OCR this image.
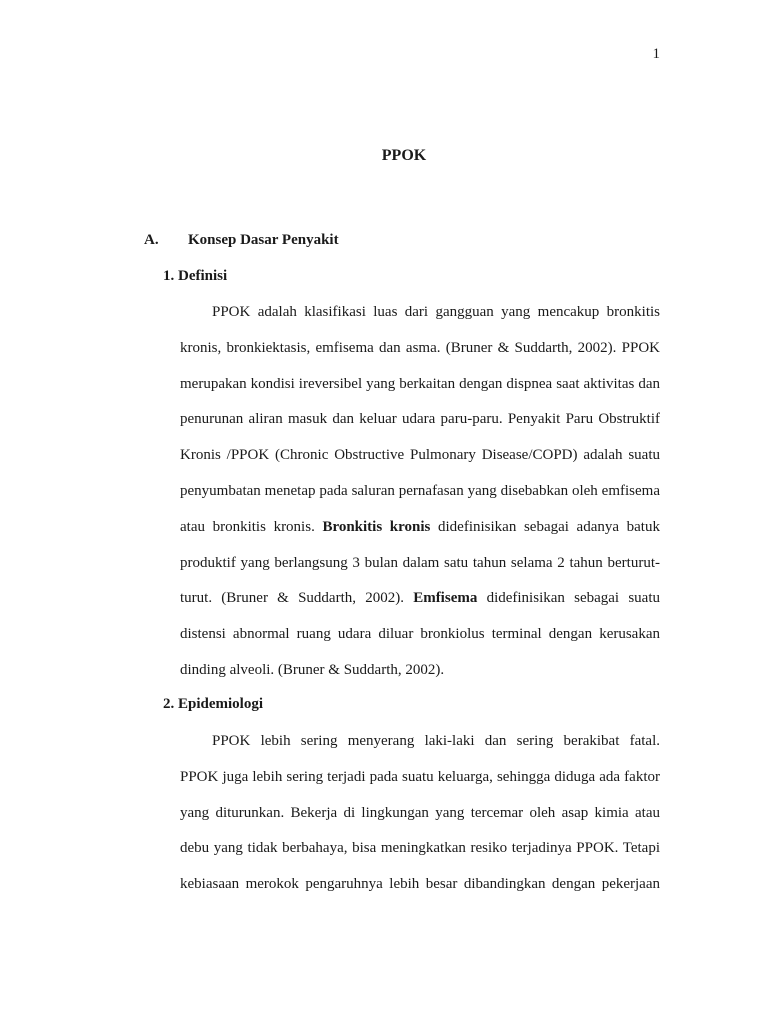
1
PPOK
A. Konsep Dasar Penyakit
1. Definisi
PPOK adalah klasifikasi luas dari gangguan yang mencakup bronkitis
kronis, bronkiektasis, emfisema dan asma. (Bruner & Suddarth, 2002). PPOK
merupakan kondisi ireversibel yang berkaitan dengan dispnea saat aktivitas dan
penurunan aliran masuk dan keluar udara paru-paru. Penyakit Paru Obstruktif
Kronis /PPOK (Chronic Obstructive Pulmonary Disease/COPD) adalah suatu
penyumbatan menetap pada saluran pernafasan yang disebabkan oleh emfisema
atau bronkitis kronis. Bronkitis kronis didefinisikan sebagai adanya batuk
produktif yang berlangsung 3 bulan dalam satu tahun selama 2 tahun berturut-
turut. (Bruner & Suddarth, 2002). Emfisema didefinisikan sebagai suatu
distensi abnormal ruang udara diluar bronkiolus terminal dengan kerusakan
dinding alveoli. (Bruner & Suddarth, 2002).
2. Epidemiologi
PPOK lebih sering menyerang laki-laki dan sering berakibat fatal.
PPOK juga lebih sering terjadi pada suatu keluarga, sehingga diduga ada faktor
yang diturunkan. Bekerja di lingkungan yang tercemar oleh asap kimia atau
debu yang tidak berbahaya, bisa meningkatkan resiko terjadinya PPOK. Tetapi
kebiasaan merokok pengaruhnya lebih besar dibandingkan dengan pekerjaan
